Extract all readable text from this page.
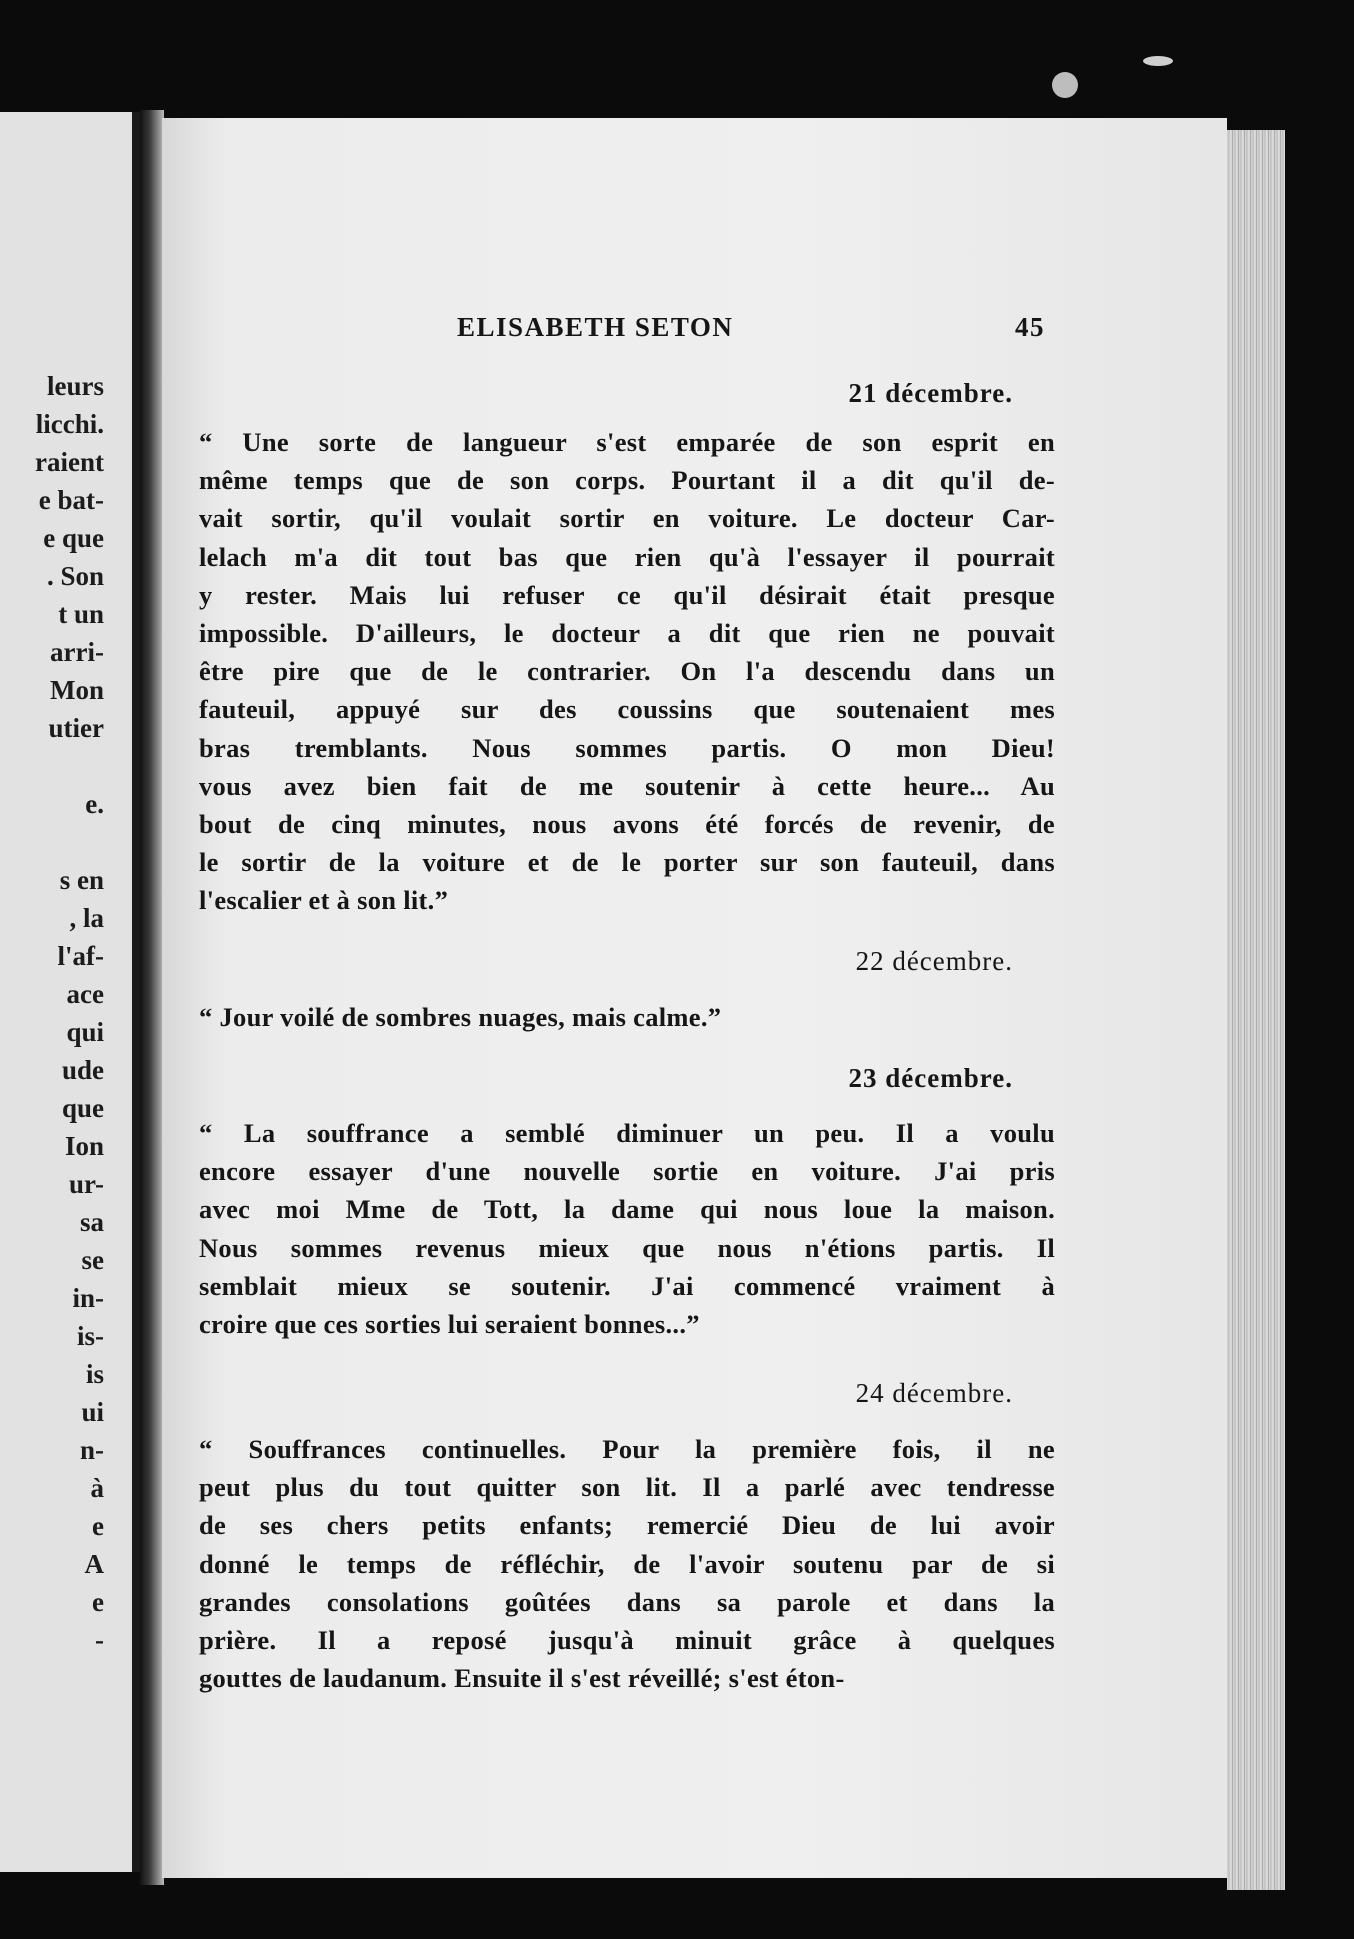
leurs
licchi.
raient
e bat-
e que
. Son
t un
arri-
Mon
utier

e.

s en
, la
l'af-
ace
qui
ude
que
Ion
ur-
sa
se
in-
is-
is
ui
n-
à
e
A
e
-
ELISABETH SETON	45
21 décembre.
“ Une sorte de langueur s'est emparée de son esprit en
même temps que de son corps. Pourtant il a dit qu'il de-
vait sortir, qu'il voulait sortir en voiture. Le docteur Car-
lelach m'a dit tout bas que rien qu'à l'essayer il pourrait
y rester. Mais lui refuser ce qu'il désirait était presque
impossible. D'ailleurs, le docteur a dit que rien ne pouvait
être pire que de le contrarier. On l'a descendu dans un
fauteuil, appuyé sur des coussins que soutenaient mes
bras tremblants. Nous sommes partis. O mon Dieu!
vous avez bien fait de me soutenir à cette heure... Au
bout de cinq minutes, nous avons été forcés de revenir, de
le sortir de la voiture et de le porter sur son fauteuil, dans
l'escalier et à son lit.”
22 décembre.
“ Jour voilé de sombres nuages, mais calme.”
23 décembre.
“ La souffrance a semblé diminuer un peu. Il a voulu
encore essayer d'une nouvelle sortie en voiture. J'ai pris
avec moi Mme de Tott, la dame qui nous loue la maison.
Nous sommes revenus mieux que nous n'étions partis. Il
semblait mieux se soutenir. J'ai commencé vraiment à
croire que ces sorties lui seraient bonnes...”
24 décembre.
“ Souffrances continuelles. Pour la première fois, il ne
peut plus du tout quitter son lit. Il a parlé avec tendresse
de ses chers petits enfants; remercié Dieu de lui avoir
donné le temps de réfléchir, de l'avoir soutenu par de si
grandes consolations goûtées dans sa parole et dans la
prière. Il a reposé jusqu'à minuit grâce à quelques
gouttes de laudanum. Ensuite il s'est réveillé; s'est éton-
